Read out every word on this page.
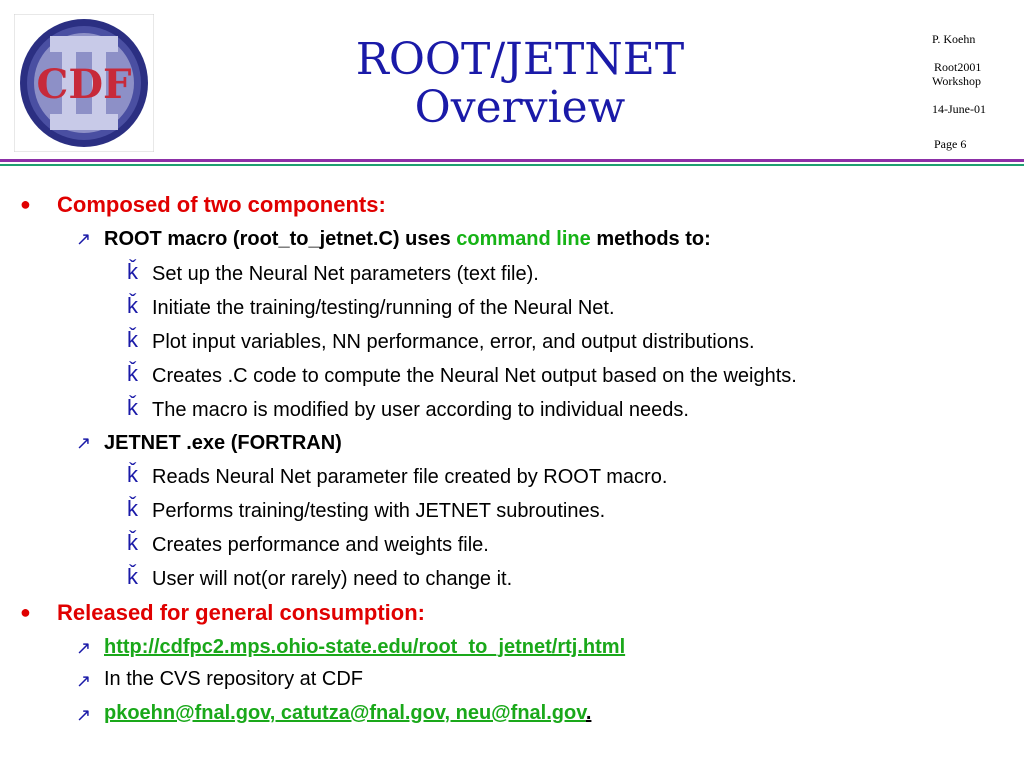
CDF	ROOT/JETNET
Overview
P. Koehn
Root2001
Workshop
14-June-01
Page 6
● Composed of two components:
↗ ROOT macro (root_to_jetnet.C) uses command line methods to:
ǩ Set up the Neural Net parameters (text file).
ǩ Initiate the training/testing/running of the Neural Net.
ǩ Plot input variables, NN performance, error, and output distributions.
ǩ Creates .C code to compute the Neural Net output based on the weights.
ǩ The macro is modified by user according to individual needs.
↗ JETNET .exe (FORTRAN)
ǩ Reads Neural Net parameter file created by ROOT macro.
ǩ Performs training/testing with JETNET subroutines.
ǩ Creates performance and weights file.
ǩ User will not(or rarely) need to change it.
● Released for general consumption:
↗ http://cdfpc2.mps.ohio-state.edu/root_to_jetnet/rtj.html
↗ In the CVS repository at CDF
↗ pkoehn@fnal.gov, catutza@fnal.gov, neu@fnal.gov.
